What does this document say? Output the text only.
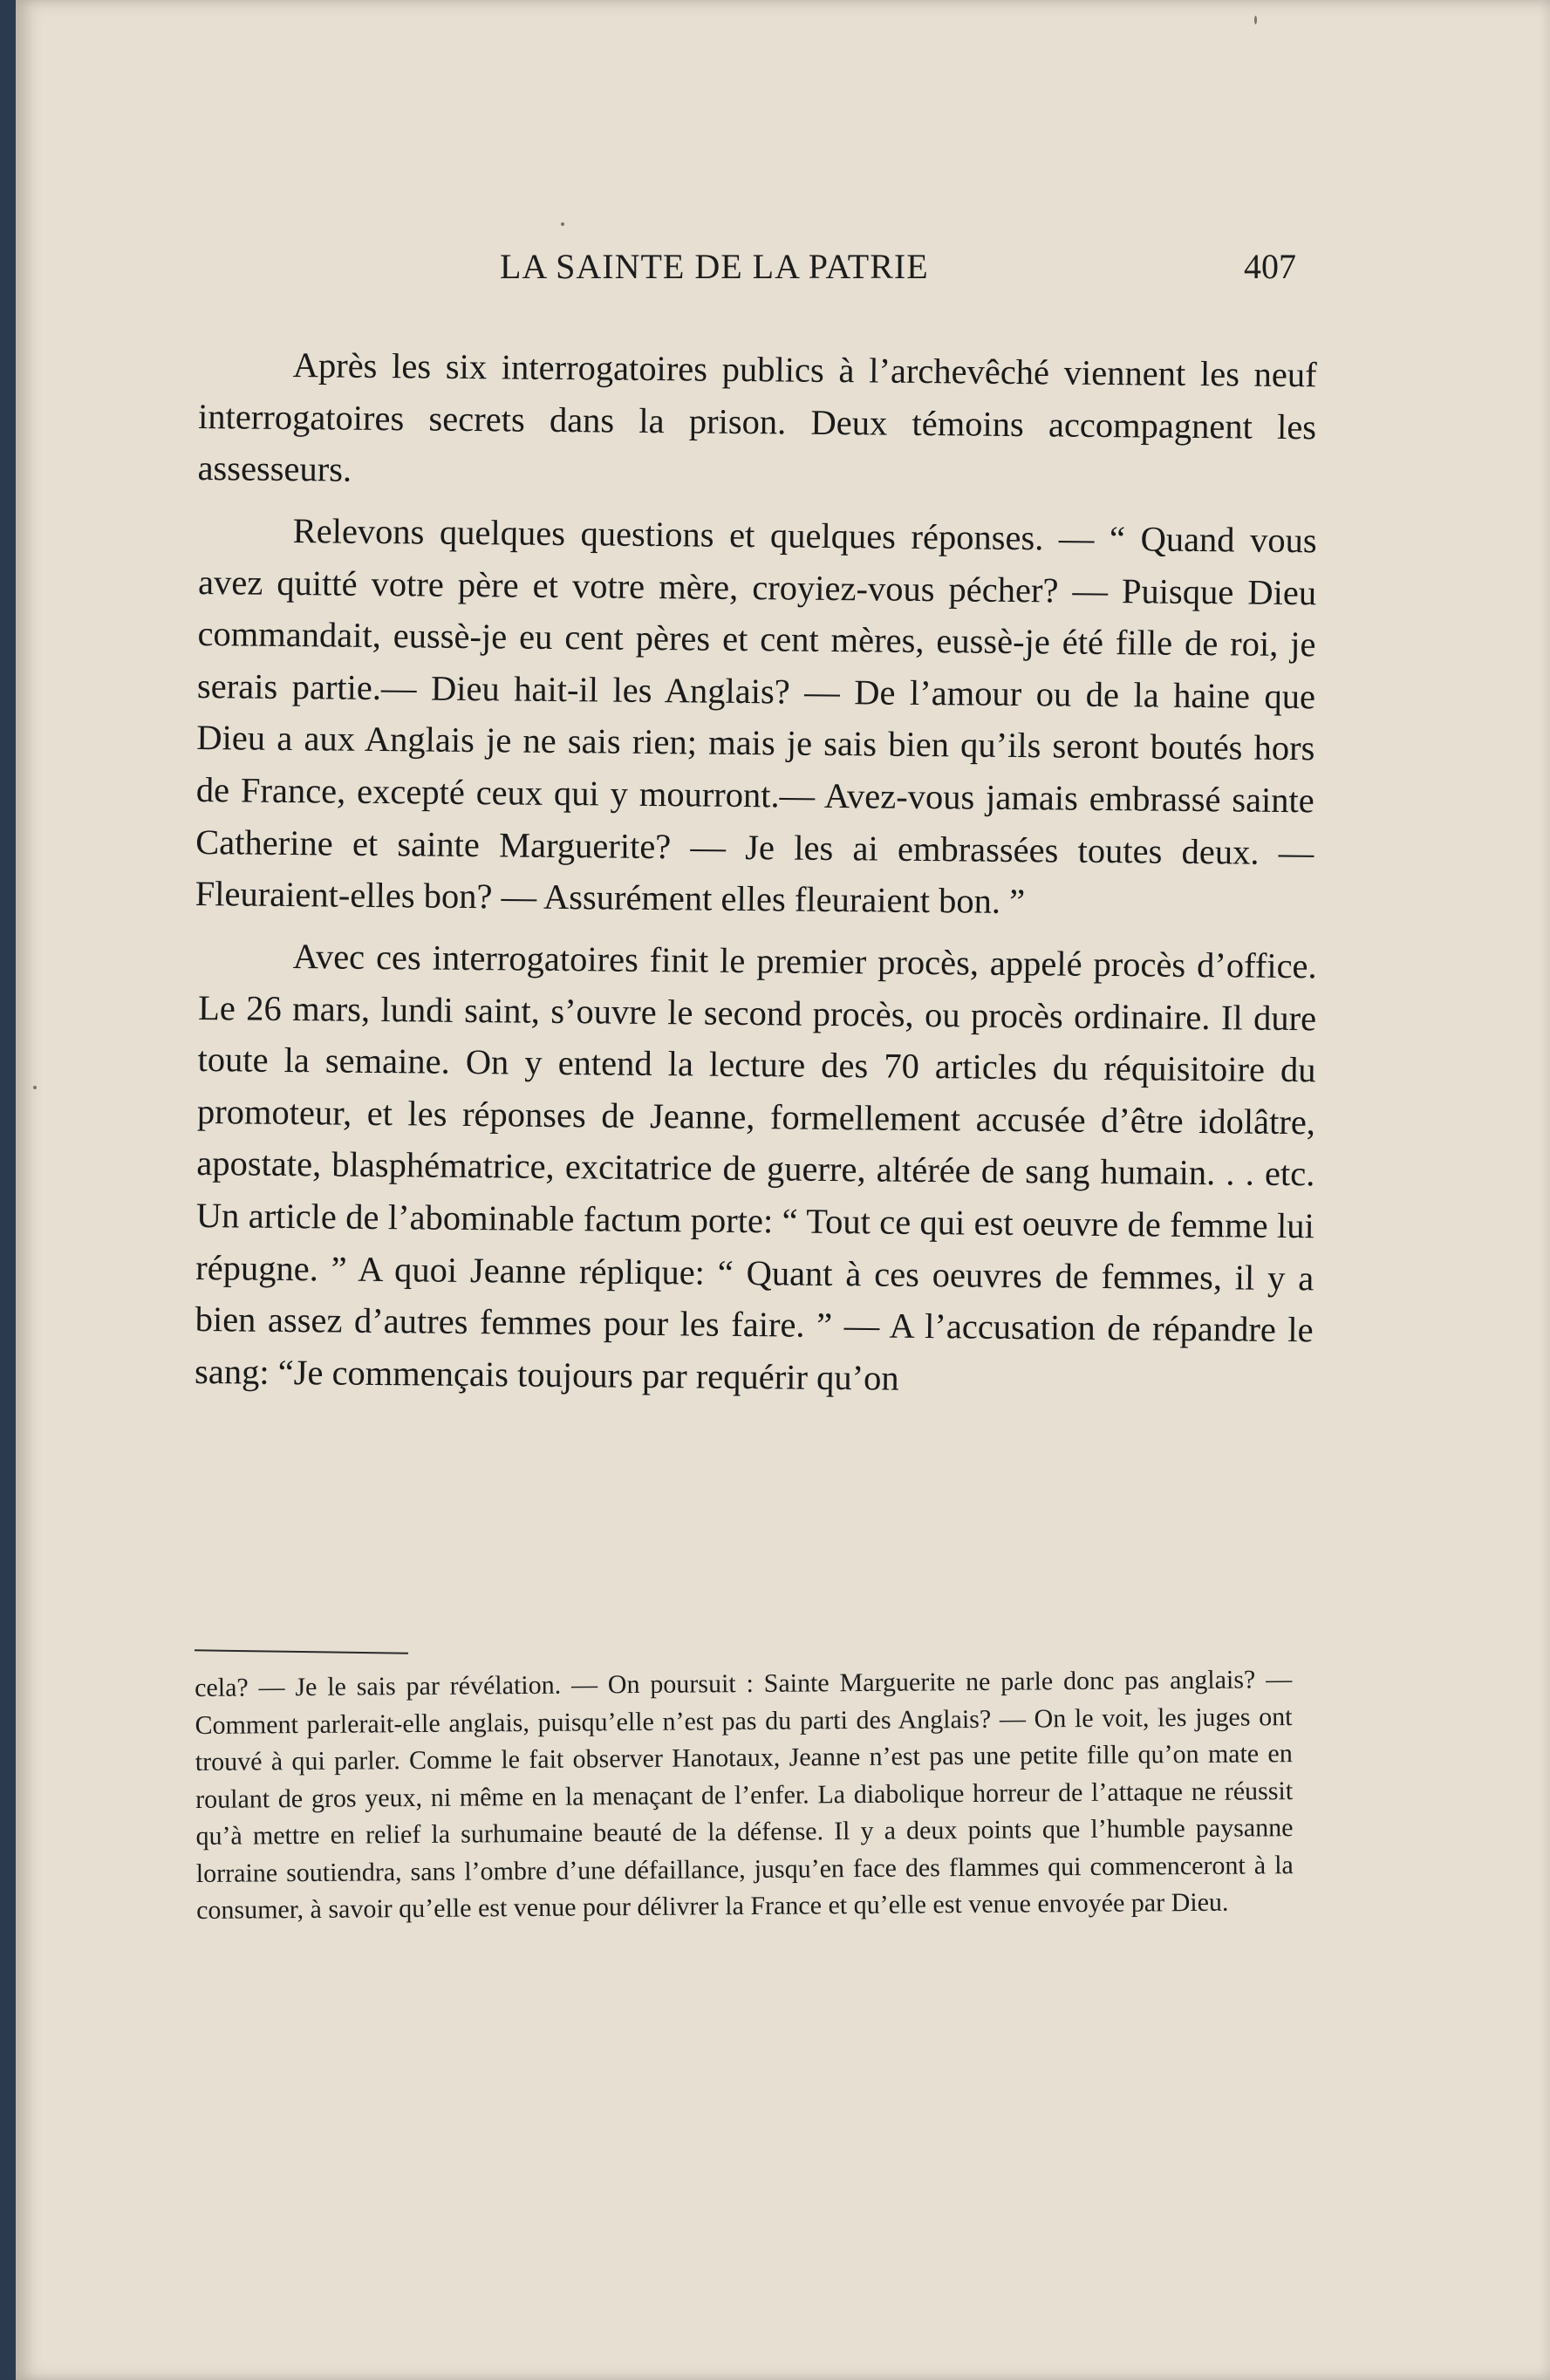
LA SAINTE DE LA PATRIE	407

Après les six interrogatoires publics à l’archevêché viennent les neuf interrogatoires secrets dans la prison. Deux témoins accompagnent les assesseurs.

Relevons quelques questions et quelques réponses. — “ Quand vous avez quitté votre père et votre mère, croyiez-vous pécher? — Puisque Dieu commandait, eussè-je eu cent pères et cent mères, eussè-je été fille de roi, je serais partie.— Dieu hait-il les Anglais? — De l’amour ou de la haine que Dieu a aux Anglais je ne sais rien; mais je sais bien qu’ils seront boutés hors de France, excepté ceux qui y mourront.— Avez-vous jamais embrassé sainte Catherine et sainte Marguerite? — Je les ai embrassées toutes deux. — Fleuraient-elles bon? — Assurément elles fleuraient bon. ”

Avec ces interrogatoires finit le premier procès, appelé procès d’office. Le 26 mars, lundi saint, s’ouvre le second procès, ou procès ordinaire. Il dure toute la semaine. On y entend la lecture des 70 articles du réquisitoire du promoteur, et les réponses de Jeanne, formellement accusée d’être idolâtre, apostate, blasphématrice, excitatrice de guerre, altérée de sang humain. . . etc. Un article de l’abominable factum porte: “ Tout ce qui est oeuvre de femme lui répugne. ” A quoi Jeanne réplique: “ Quant à ces oeuvres de femmes, il y a bien assez d’autres femmes pour les faire. ” — A l’accusation de répandre le sang: “Je commençais toujours par requérir qu’on

cela? — Je le sais par révélation. — On poursuit : Sainte Marguerite ne parle donc pas anglais? — Comment parlerait-elle anglais, puisqu’elle n’est pas du parti des Anglais? — On le voit, les juges ont trouvé à qui parler. Comme le fait observer Hanotaux, Jeanne n’est pas une petite fille qu’on mate en roulant de gros yeux, ni même en la menaçant de l’enfer. La diabolique horreur de l’attaque ne réussit qu’à mettre en relief la surhumaine beauté de la défense. Il y a deux points que l’humble paysanne lorraine soutiendra, sans l’ombre d’une défaillance, jusqu’en face des flammes qui commenceront à la consumer, à savoir qu’elle est venue pour délivrer la France et qu’elle est venue envoyée par Dieu.
